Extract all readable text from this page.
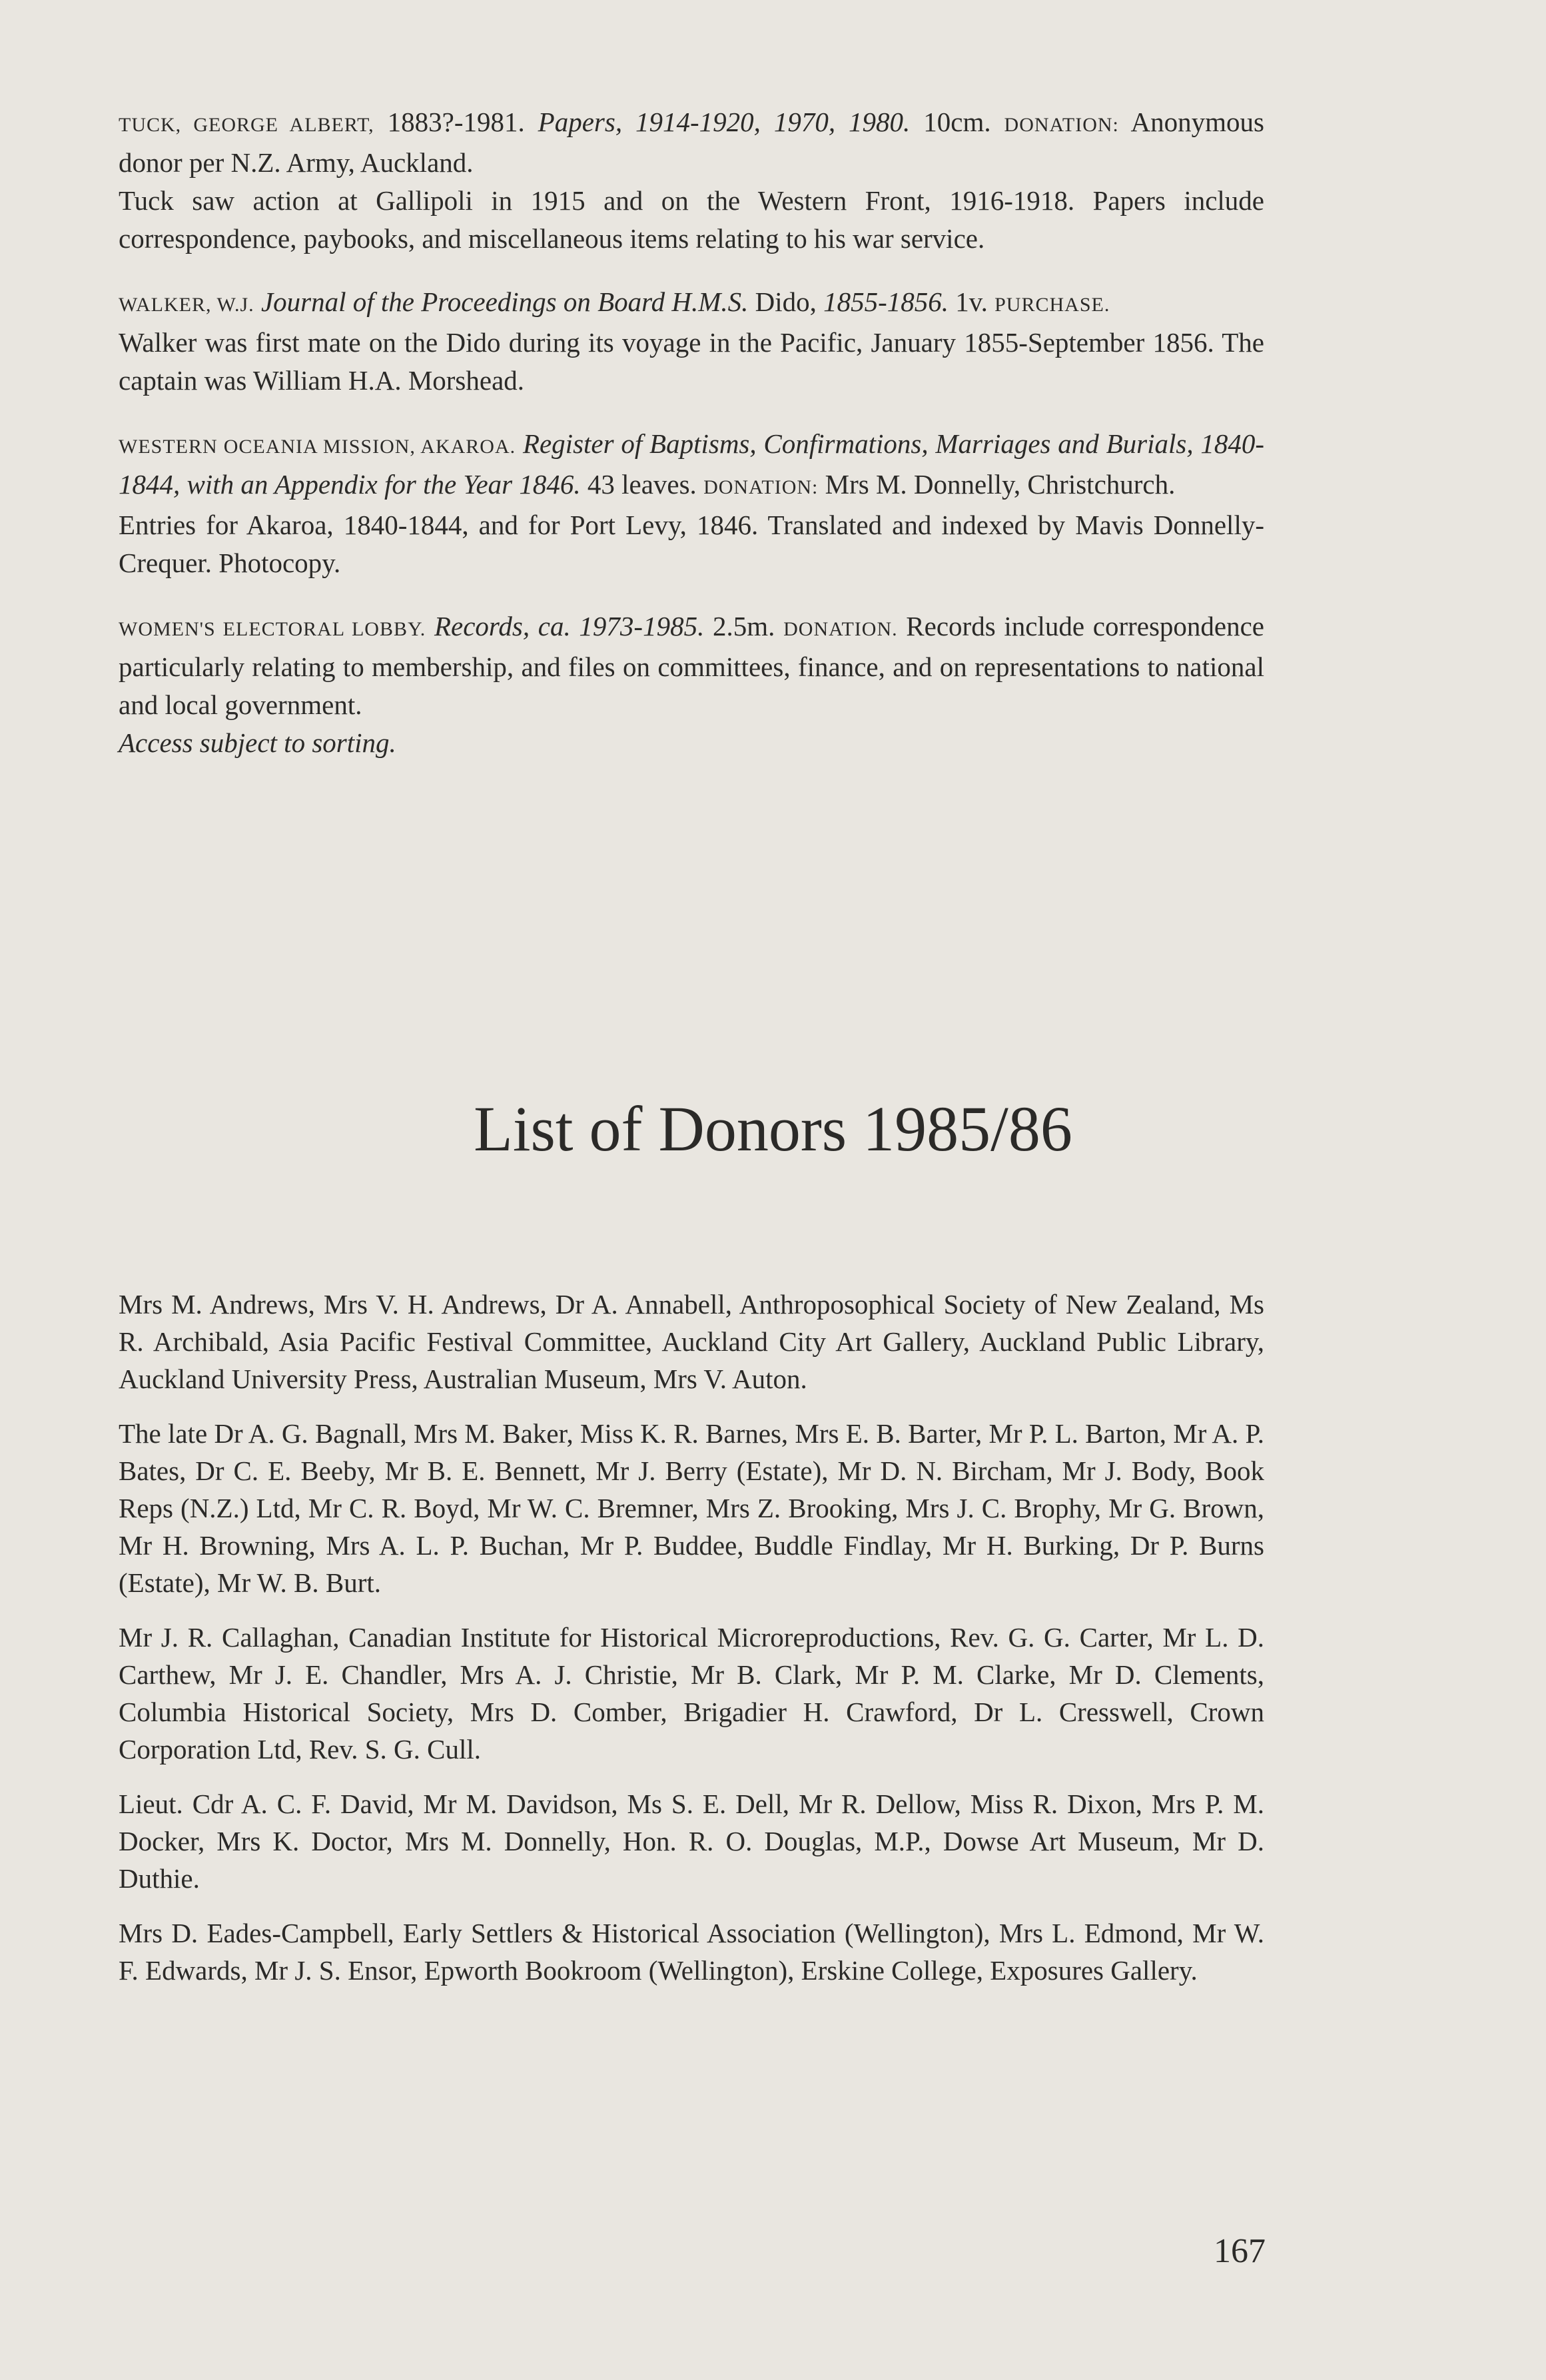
TUCK, GEORGE ALBERT, 1883?-1981. Papers, 1914-1920, 1970, 1980. 10cm. DONATION: Anonymous donor per N.Z. Army, Auckland.
Tuck saw action at Gallipoli in 1915 and on the Western Front, 1916-1918. Papers include correspondence, paybooks, and miscellaneous items relating to his war service.

WALKER, W.J. Journal of the Proceedings on Board H.M.S. Dido, 1855-1856. 1v. PURCHASE.
Walker was first mate on the Dido during its voyage in the Pacific, January 1855-September 1856. The captain was William H.A. Morshead.

WESTERN OCEANIA MISSION, AKAROA. Register of Baptisms, Confirmations, Marriages and Burials, 1840-1844, with an Appendix for the Year 1846. 43 leaves. DONATION: Mrs M. Donnelly, Christchurch.
Entries for Akaroa, 1840-1844, and for Port Levy, 1846. Translated and indexed by Mavis Donnelly-Crequer. Photocopy.

WOMEN'S ELECTORAL LOBBY. Records, ca. 1973-1985. 2.5m. DONATION. Records include correspondence particularly relating to membership, and files on committees, finance, and on representations to national and local government.
Access subject to sorting.

List of Donors 1985/86

Mrs M. Andrews, Mrs V. H. Andrews, Dr A. Annabell, Anthroposophical Society of New Zealand, Ms R. Archibald, Asia Pacific Festival Committee, Auckland City Art Gallery, Auckland Public Library, Auckland University Press, Australian Museum, Mrs V. Auton.

The late Dr A. G. Bagnall, Mrs M. Baker, Miss K. R. Barnes, Mrs E. B. Barter, Mr P. L. Barton, Mr A. P. Bates, Dr C. E. Beeby, Mr B. E. Bennett, Mr J. Berry (Estate), Mr D. N. Bircham, Mr J. Body, Book Reps (N.Z.) Ltd, Mr C. R. Boyd, Mr W. C. Bremner, Mrs Z. Brooking, Mrs J. C. Brophy, Mr G. Brown, Mr H. Browning, Mrs A. L. P. Buchan, Mr P. Buddee, Buddle Findlay, Mr H. Burking, Dr P. Burns (Estate), Mr W. B. Burt.

Mr J. R. Callaghan, Canadian Institute for Historical Microreproductions, Rev. G. G. Carter, Mr L. D. Carthew, Mr J. E. Chandler, Mrs A. J. Christie, Mr B. Clark, Mr P. M. Clarke, Mr D. Clements, Columbia Historical Society, Mrs D. Comber, Brigadier H. Crawford, Dr L. Cresswell, Crown Corporation Ltd, Rev. S. G. Cull.

Lieut. Cdr A. C. F. David, Mr M. Davidson, Ms S. E. Dell, Mr R. Dellow, Miss R. Dixon, Mrs P. M. Docker, Mrs K. Doctor, Mrs M. Donnelly, Hon. R. O. Douglas, M.P., Dowse Art Museum, Mr D. Duthie.

Mrs D. Eades-Campbell, Early Settlers & Historical Association (Wellington), Mrs L. Edmond, Mr W. F. Edwards, Mr J. S. Ensor, Epworth Bookroom (Wellington), Erskine College, Exposures Gallery.

167
